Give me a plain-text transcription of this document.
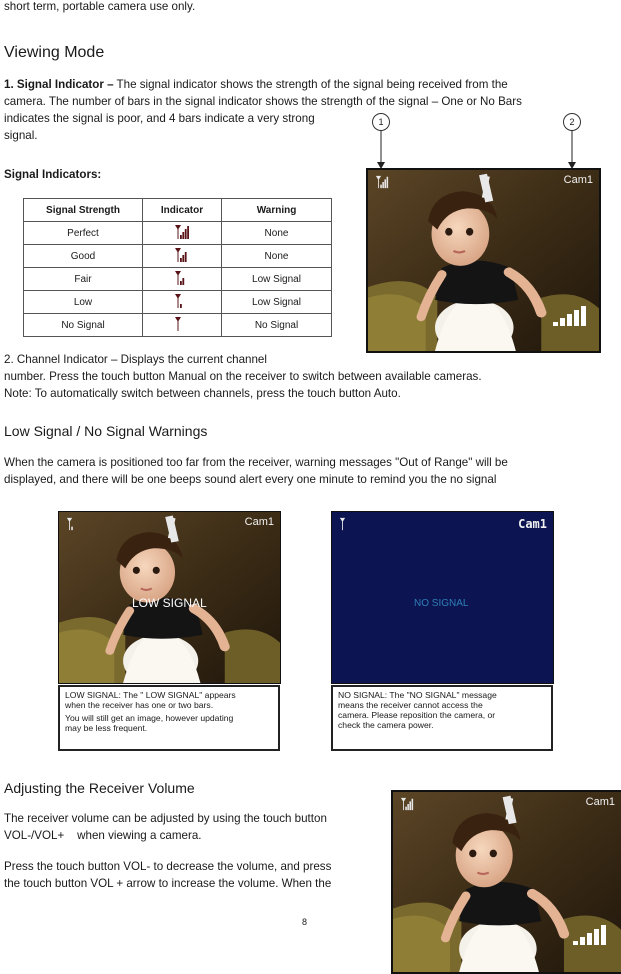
short term, portable camera use only.

Viewing Mode

1. Signal Indicator – The signal indicator shows the strength of the signal being received from the

camera. The number of bars in the signal indicator shows the strength of the signal – One or No Bars

indicates the signal is poor, and 4 bars indicate a very strong

signal.

1	2

Signal Indicators:

Signal Strength	Indicator	Warning
Perfect		None
Good		None
Fair		Low Signal
Low		Low Signal
No Signal		No Signal
Cam1

2. Channel Indicator – Displays the current channel

number. Press the touch button Manual on the receiver to switch between available cameras.

Note: To automatically switch between channels, press the touch button Auto.

Low Signal / No Signal Warnings

When the camera is positioned too far from the receiver, warning messages "Out of Range" will be

displayed, and there will be one beeps sound alert every one minute to remind you the no signal

Cam1
LOW SIGNAL
Cam1
NO SIGNAL
LOW SIGNAL: The " LOW SIGNAL" appears
when the receiver has one or two bars.
You will still get an image, however updating
may be less frequent.
NO SIGNAL: The "NO SIGNAL" message
means the receiver cannot access the
camera. Please reposition the camera, or
check the camera power.
Adjusting the Receiver Volume

The receiver volume can be adjusted by using the touch button

VOL-/VOL+    when viewing a camera.

Press the touch button VOL- to decrease the volume, and press

the touch button VOL + arrow to increase the volume. When the

Cam1
8
